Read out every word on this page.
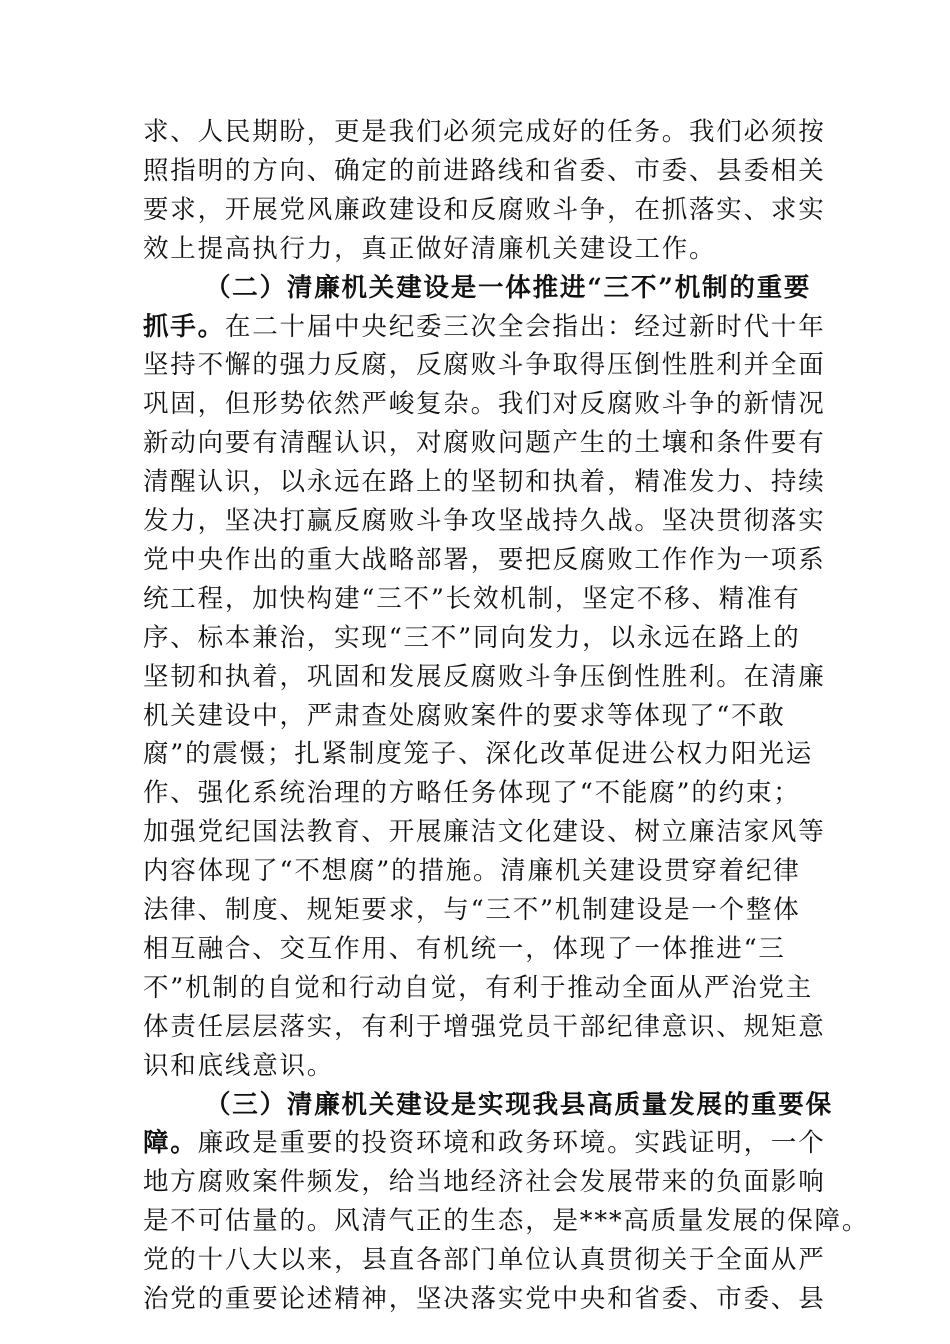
求、人民期盼，更是我们必须完成好的任务。我们必须按
照指明的方向、确定的前进路线和省委、市委、县委相关
要求，开展党风廉政建设和反腐败斗争，在抓落实、求实
效上提高执行力，真正做好清廉机关建设工作。
（二）清廉机关建设是一体推进“三不”机制的重要
抓手。在二十届中央纪委三次全会指出：经过新时代十年
坚持不懈的强力反腐，反腐败斗争取得压倒性胜利并全面
巩固，但形势依然严峻复杂。我们对反腐败斗争的新情况
新动向要有清醒认识，对腐败问题产生的土壤和条件要有
清醒认识，以永远在路上的坚韧和执着，精准发力、持续
发力，坚决打赢反腐败斗争攻坚战持久战。坚决贯彻落实
党中央作出的重大战略部署，要把反腐败工作作为一项系
统工程，加快构建“三不”长效机制，坚定不移、精准有
序、标本兼治，实现“三不”同向发力，以永远在路上的
坚韧和执着，巩固和发展反腐败斗争压倒性胜利。在清廉
机关建设中，严肃查处腐败案件的要求等体现了“不敢
腐”的震慑；扎紧制度笼子、深化改革促进公权力阳光运
作、强化系统治理的方略任务体现了“不能腐”的约束；
加强党纪国法教育、开展廉洁文化建设、树立廉洁家风等
内容体现了“不想腐”的措施。清廉机关建设贯穿着纪律
法律、制度、规矩要求，与“三不”机制建设是一个整体
相互融合、交互作用、有机统一，体现了一体推进“三
不”机制的自觉和行动自觉，有利于推动全面从严治党主
体责任层层落实，有利于增强党员干部纪律意识、规矩意
识和底线意识。
（三）清廉机关建设是实现我县高质量发展的重要保
障。廉政是重要的投资环境和政务环境。实践证明，一个
地方腐败案件频发，给当地经济社会发展带来的负面影响
是不可估量的。风清气正的生态，是***高质量发展的保障。
党的十八大以来，县直各部门单位认真贯彻关于全面从严
治党的重要论述精神，坚决落实党中央和省委、市委、县
